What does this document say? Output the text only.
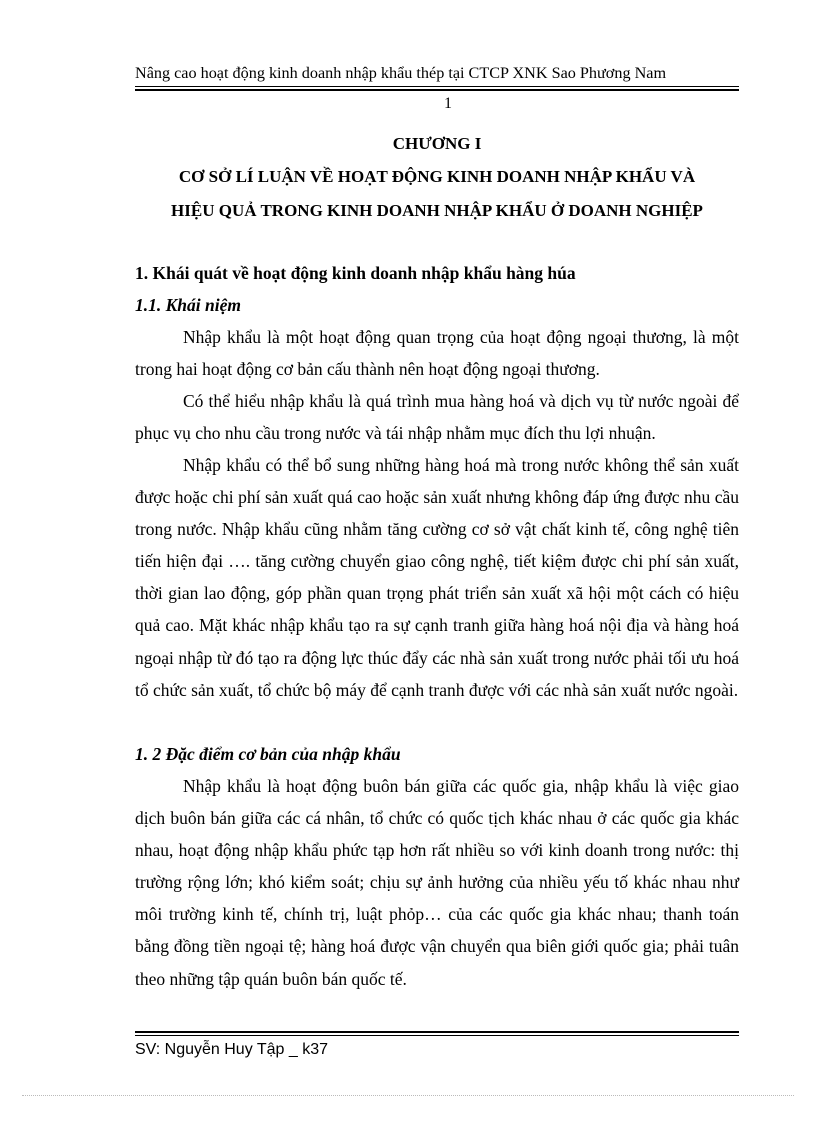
Nâng cao hoạt động kinh doanh nhập khẩu thép tại CTCP XNK Sao Phương Nam
1
CHƯƠNG I
CƠ SỞ LÍ LUẬN VỀ HOẠT ĐỘNG KINH DOANH NHẬP KHẨU VÀ
HIỆU QUẢ TRONG KINH DOANH NHẬP KHẨU Ở DOANH NGHIỆP
1. Khái quát về hoạt động kinh doanh nhập khẩu hàng húa
1.1. Khái niệm

Nhập khẩu là một hoạt động quan trọng của hoạt động ngoại thương, là một trong hai hoạt động cơ bản cấu thành nên hoạt động ngoại thương.

Có thể hiểu nhập khẩu là quá trình mua hàng hoá và dịch vụ từ nước ngoài để phục vụ cho nhu cầu trong nước và tái nhập nhằm mục đích thu lợi nhuận.

Nhập khẩu có thể bổ sung những hàng hoá mà trong nước không thể sản xuất được hoặc chi phí sản xuất quá cao hoặc sản xuất nhưng không đáp ứng được nhu cầu trong nước. Nhập khẩu cũng nhằm tăng cường cơ sở vật chất kinh tế, công nghệ tiên tiến hiện đại …. tăng cường chuyển giao công nghệ, tiết kiệm được chi phí sản xuất, thời gian lao động, góp phần quan trọng phát triển sản xuất xã hội một cách có hiệu quả cao. Mặt khác nhập khẩu tạo ra sự cạnh tranh giữa hàng hoá nội địa và hàng hoá ngoại nhập từ đó tạo ra động lực thúc đẩy các nhà sản xuất trong nước phải tối ưu hoá tổ chức sản xuất, tổ chức bộ máy để cạnh tranh được với các nhà sản xuất nước ngoài.

1. 2 Đặc điểm cơ bản của nhập khẩu

Nhập khẩu là hoạt động buôn bán giữa các quốc gia, nhập khẩu là việc giao dịch buôn bán giữa các cá nhân, tổ chức có quốc tịch khác nhau ở các quốc gia khác nhau, hoạt động nhập khẩu phức tạp hơn rất nhiều so với kinh doanh trong nước: thị trường rộng lớn; khó kiểm soát; chịu sự ảnh hưởng của nhiều yếu tố khác nhau như môi trường kinh tế, chính trị, luật phỏp… của các quốc gia khác nhau; thanh toán bằng đồng tiền ngoại tệ; hàng hoá được vận chuyển qua biên giới quốc gia; phải tuân theo những tập quán buôn bán quốc tế.

SV: Nguyễn Huy Tập _ k37
